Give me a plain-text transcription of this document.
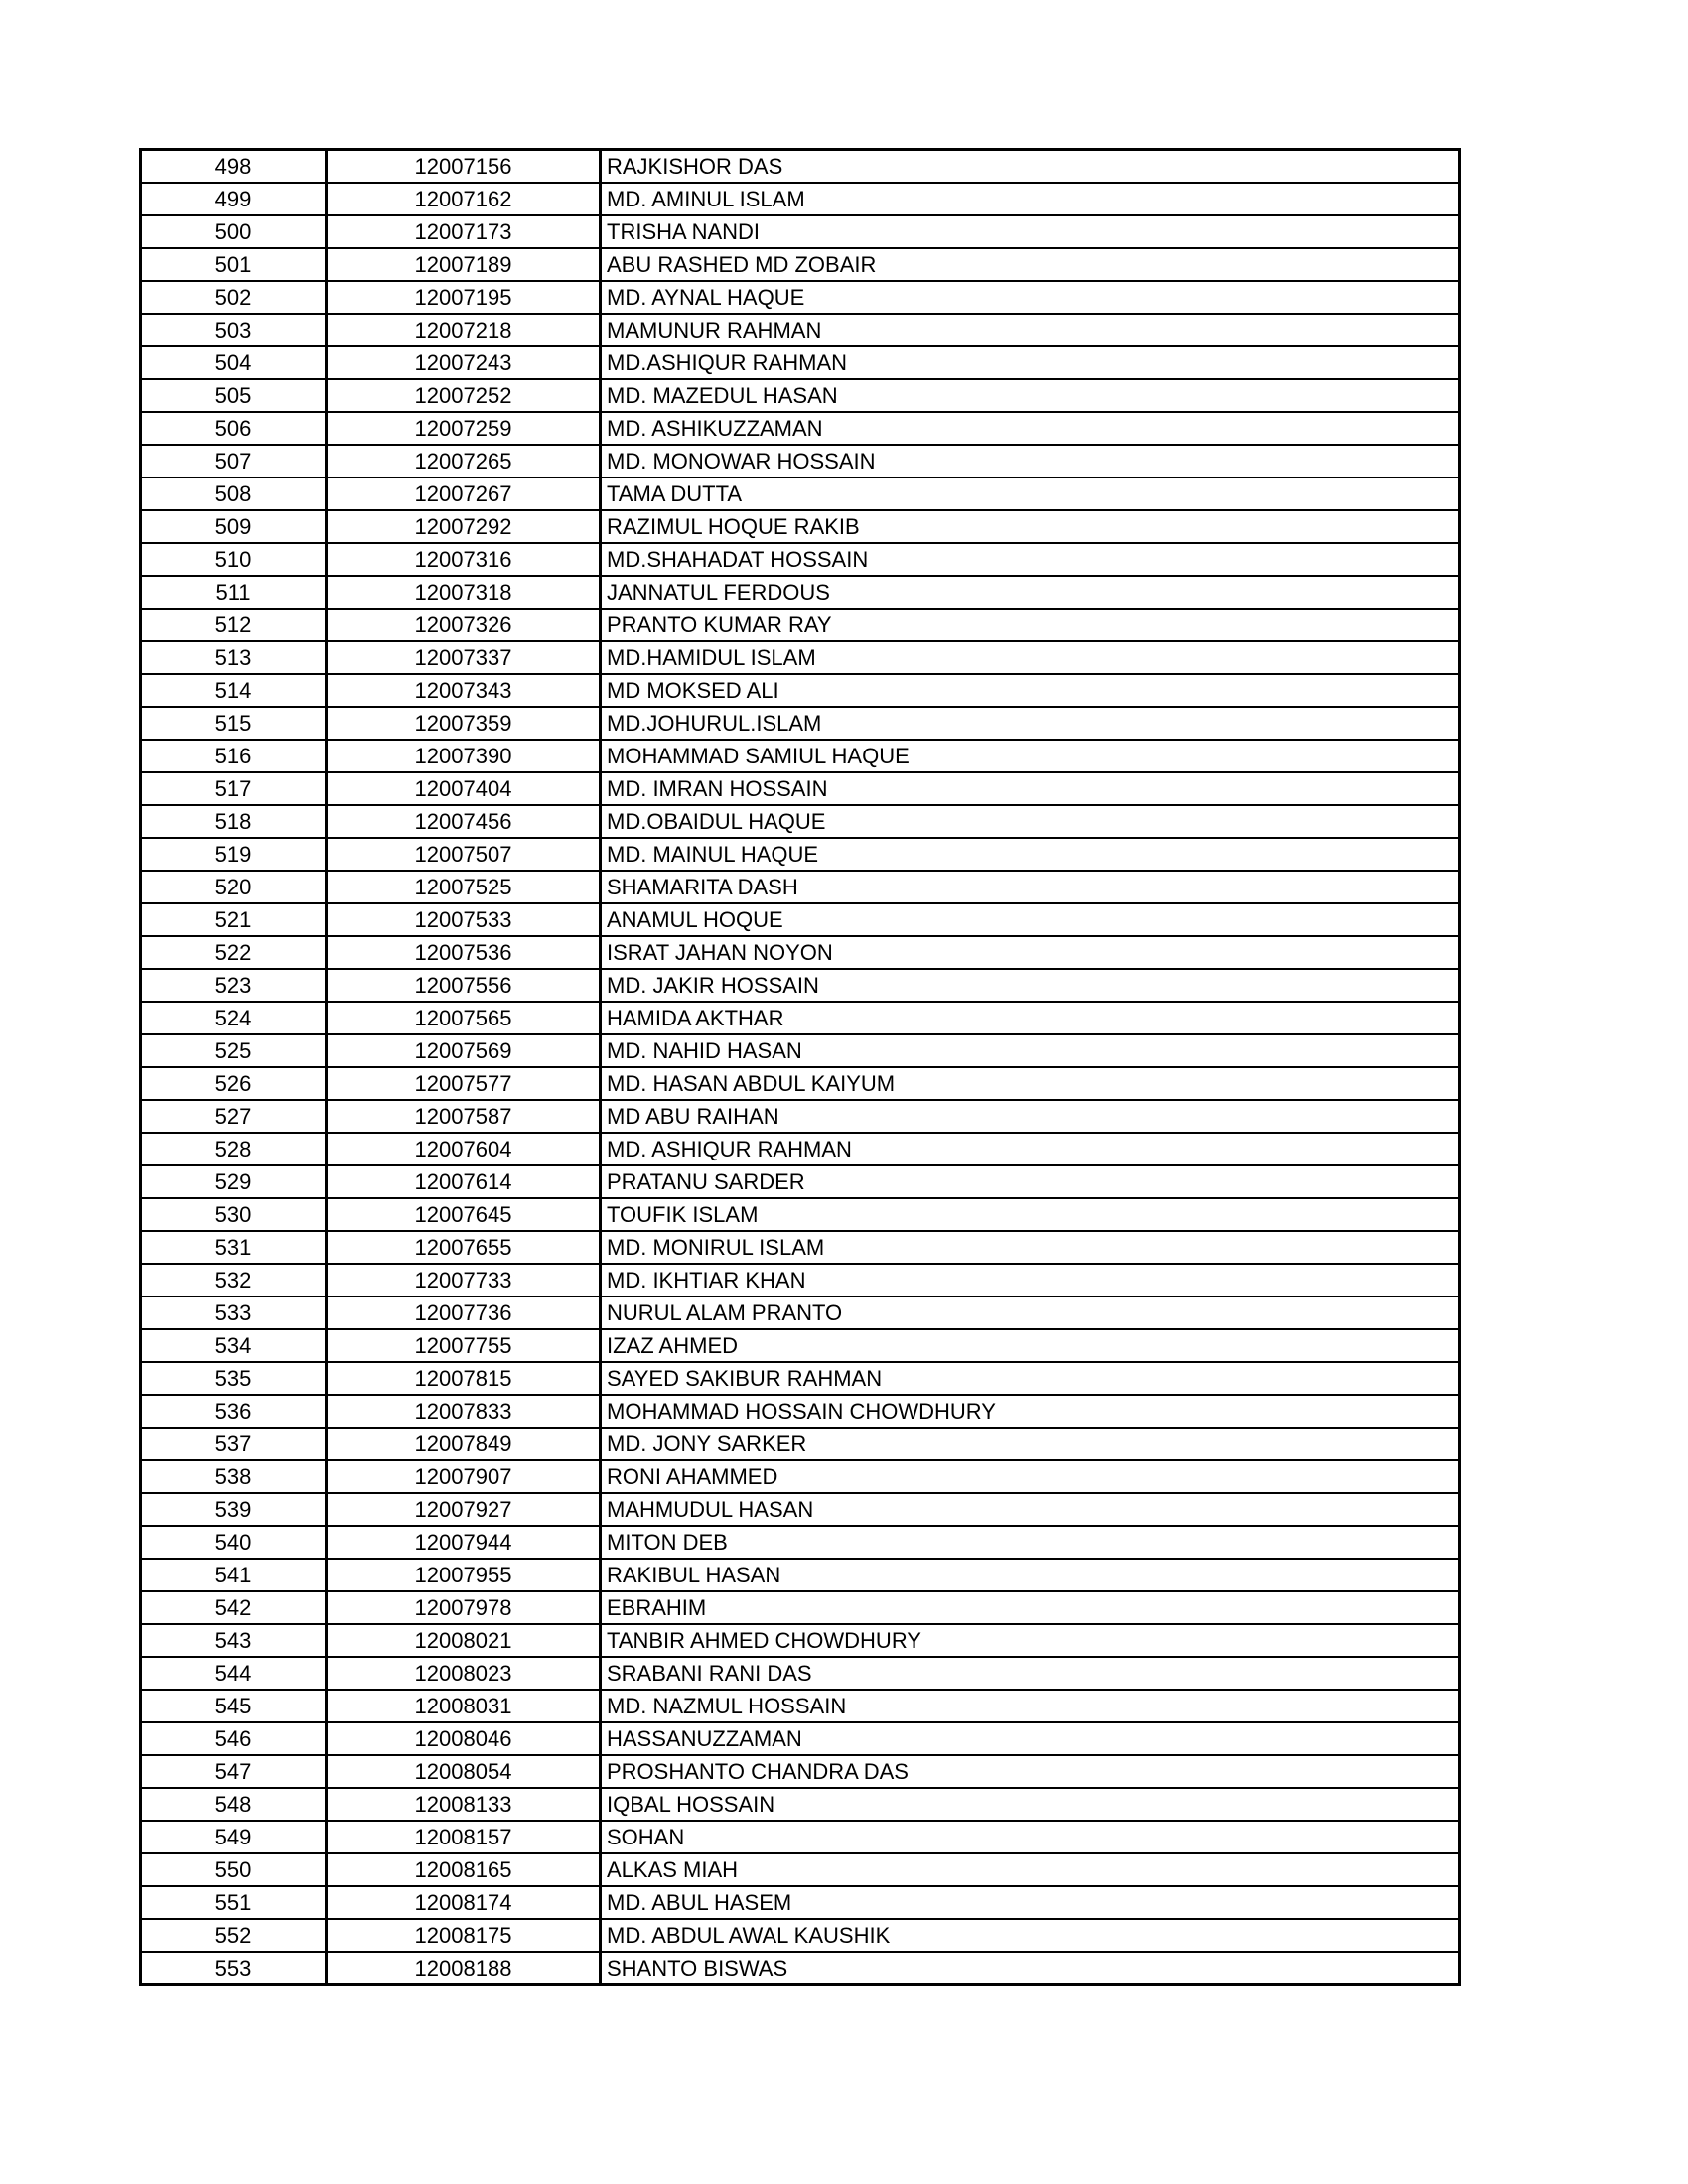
498	12007156	RAJKISHOR DAS
499	12007162	MD. AMINUL ISLAM
500	12007173	TRISHA NANDI
501	12007189	ABU RASHED MD ZOBAIR
502	12007195	MD. AYNAL HAQUE
503	12007218	MAMUNUR RAHMAN
504	12007243	MD.ASHIQUR RAHMAN
505	12007252	MD. MAZEDUL HASAN
506	12007259	MD. ASHIKUZZAMAN
507	12007265	MD. MONOWAR HOSSAIN
508	12007267	TAMA DUTTA
509	12007292	RAZIMUL HOQUE RAKIB
510	12007316	MD.SHAHADAT HOSSAIN
511	12007318	JANNATUL FERDOUS
512	12007326	PRANTO KUMAR RAY
513	12007337	MD.HAMIDUL ISLAM
514	12007343	MD MOKSED ALI
515	12007359	MD.JOHURUL.ISLAM
516	12007390	MOHAMMAD SAMIUL HAQUE
517	12007404	MD. IMRAN HOSSAIN
518	12007456	MD.OBAIDUL HAQUE
519	12007507	MD. MAINUL HAQUE
520	12007525	SHAMARITA DASH
521	12007533	ANAMUL HOQUE
522	12007536	ISRAT JAHAN NOYON
523	12007556	MD. JAKIR HOSSAIN
524	12007565	HAMIDA AKTHAR
525	12007569	MD. NAHID HASAN
526	12007577	MD. HASAN ABDUL KAIYUM
527	12007587	MD ABU RAIHAN
528	12007604	MD. ASHIQUR RAHMAN
529	12007614	PRATANU SARDER
530	12007645	TOUFIK ISLAM
531	12007655	MD. MONIRUL ISLAM
532	12007733	MD. IKHTIAR KHAN
533	12007736	NURUL ALAM PRANTO
534	12007755	IZAZ AHMED
535	12007815	SAYED SAKIBUR RAHMAN
536	12007833	MOHAMMAD HOSSAIN CHOWDHURY
537	12007849	MD. JONY SARKER
538	12007907	RONI AHAMMED
539	12007927	MAHMUDUL HASAN
540	12007944	MITON DEB
541	12007955	RAKIBUL HASAN
542	12007978	EBRAHIM
543	12008021	TANBIR AHMED CHOWDHURY
544	12008023	SRABANI RANI DAS
545	12008031	MD. NAZMUL HOSSAIN
546	12008046	HASSANUZZAMAN
547	12008054	PROSHANTO CHANDRA DAS
548	12008133	IQBAL HOSSAIN
549	12008157	SOHAN
550	12008165	ALKAS MIAH
551	12008174	MD. ABUL HASEM
552	12008175	MD. ABDUL AWAL KAUSHIK
553	12008188	SHANTO BISWAS
